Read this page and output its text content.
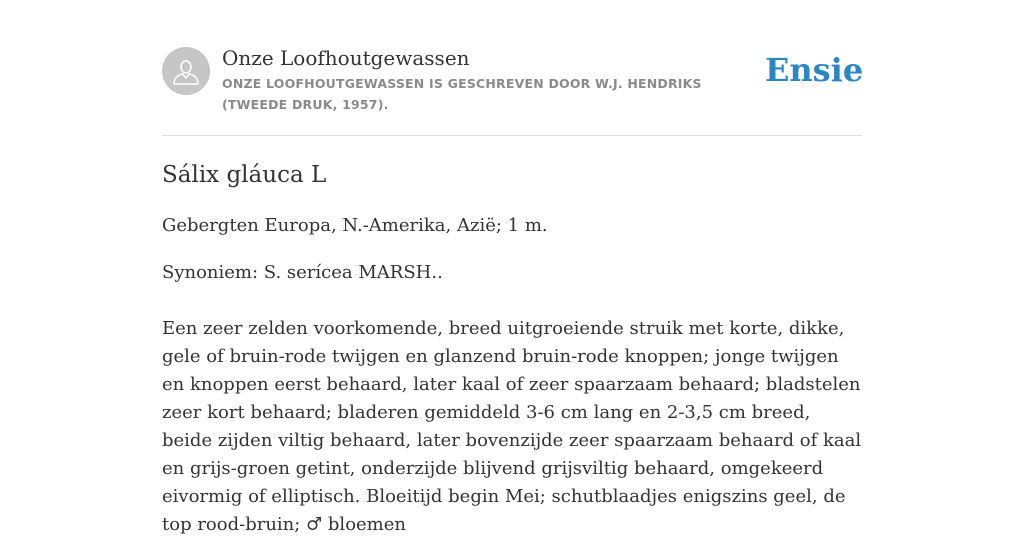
Onze Loofhoutgewassen
ONZE LOOFHOUTGEWASSEN IS GESCHREVEN DOOR W.J. HENDRIKS (TWEEDE DRUK, 1957).
Ensie
Sálix gláuca L

Gebergten Europa, N.-Amerika, Azië; 1 m.

Synoniem: S. serícea MARSH..

Een zeer zelden voorkomende, breed uitgroeiende struik met korte, dikke, gele of bruin-rode twijgen en glanzend bruin-rode knoppen; jonge twijgen en knoppen eerst behaard, later kaal of zeer spaarzaam behaard; bladstelen zeer kort behaard; bladeren gemiddeld 3-6 cm lang en 2-3,5 cm breed, beide zijden viltig behaard, later bovenzijde zeer spaarzaam behaard of kaal en grijs-groen getint, onderzijde blijvend grijsviltig behaard, omgekeerd eivormig of elliptisch. Bloeitijd begin Mei; schutblaadjes enigszins geel, de top rood-bruin; ♂ bloemen
